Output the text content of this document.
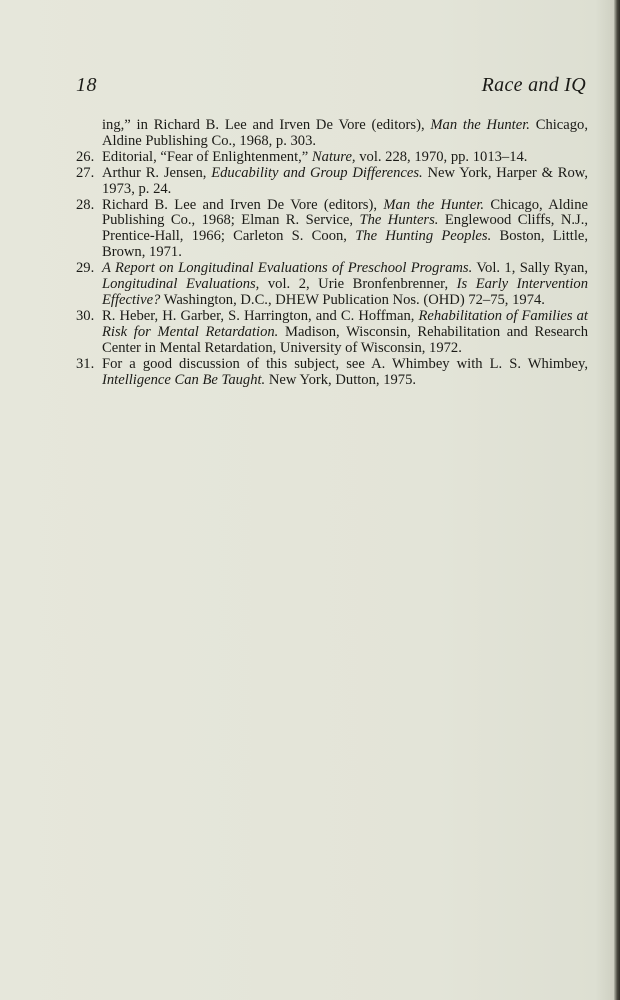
18	Race and IQ
ing,” in Richard B. Lee and Irven De Vore (editors), Man the Hunter. Chicago, Aldine Publishing Co., 1968, p. 303.
26. Editorial, “Fear of Enlightenment,” Nature, vol. 228, 1970, pp. 1013–14.
27. Arthur R. Jensen, Educability and Group Differences. New York, Harper & Row, 1973, p. 24.
28. Richard B. Lee and Irven De Vore (editors), Man the Hunter. Chicago, Aldine Publishing Co., 1968; Elman R. Service, The Hunters. Englewood Cliffs, N.J., Prentice-Hall, 1966; Carleton S. Coon, The Hunting Peoples. Boston, Little, Brown, 1971.
29. A Report on Longitudinal Evaluations of Preschool Programs. Vol. 1, Sally Ryan, Longitudinal Evaluations, vol. 2, Urie Bronfenbrenner, Is Early Intervention Effective? Washington, D.C., DHEW Publication Nos. (OHD) 72–75, 1974.
30. R. Heber, H. Garber, S. Harrington, and C. Hoffman, Rehabilitation of Families at Risk for Mental Retardation. Madison, Wisconsin, Rehabilitation and Research Center in Mental Retardation, University of Wisconsin, 1972.
31. For a good discussion of this subject, see A. Whimbey with L. S. Whimbey, Intelligence Can Be Taught. New York, Dutton, 1975.
